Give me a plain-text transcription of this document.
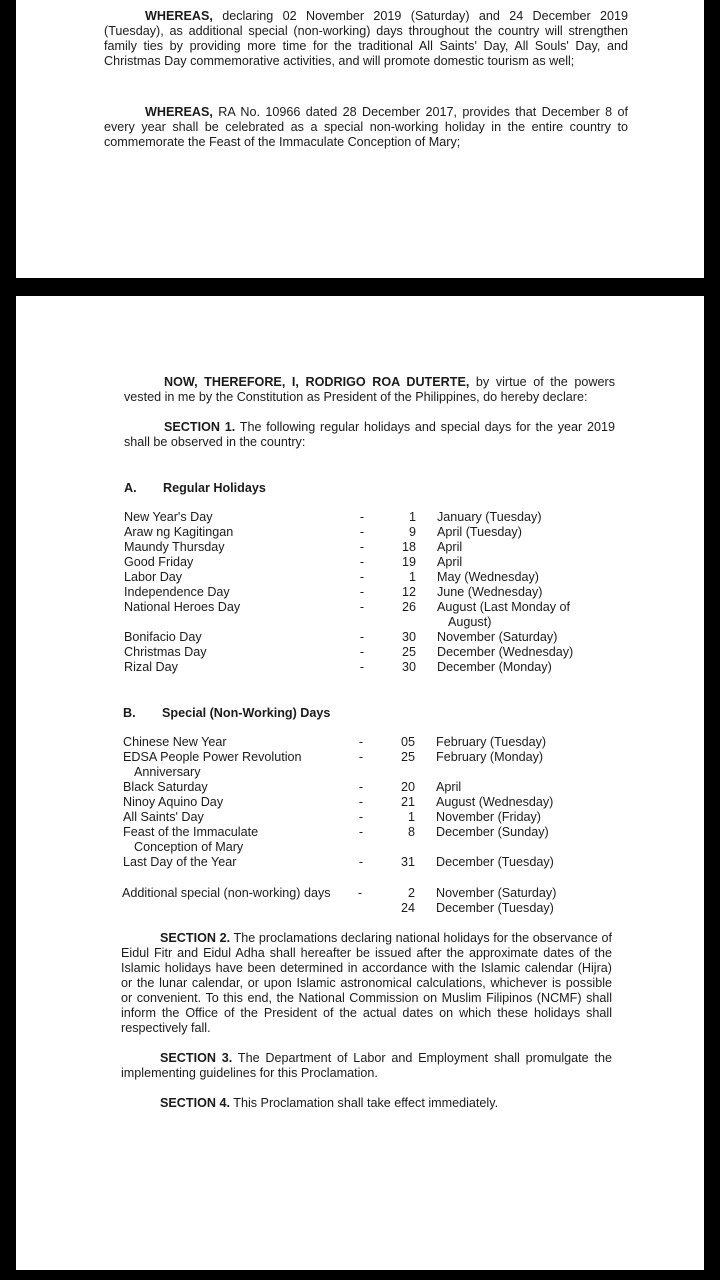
WHEREAS, declaring 02 November 2019 (Saturday) and 24 December 2019 (Tuesday), as additional special (non-working) days throughout the country will strengthen family ties by providing more time for the traditional All Saints' Day, All Souls' Day, and Christmas Day commemorative activities, and will promote domestic tourism as well;

WHEREAS, RA No. 10966 dated 28 December 2017, provides that December 8 of every year shall be celebrated as a special non-working holiday in the entire country to commemorate the Feast of the Immaculate Conception of Mary;

NOW, THEREFORE, I, RODRIGO ROA DUTERTE, by virtue of the powers vested in me by the Constitution as President of the Philippines, do hereby declare:

SECTION 1. The following regular holidays and special days for the year 2019 shall be observed in the country:

A. Regular Holidays
New Year's Day	-	1 January (Tuesday)
Araw ng Kagitingan	-	9 April (Tuesday)
Maundy Thursday	-	18 April
Good Friday	-	19 April
Labor Day	-	1 May (Wednesday)
Independence Day	-	12 June (Wednesday)
National Heroes Day	-	26 August (Last Monday of
August)
Bonifacio Day	-	30 November (Saturday)
Christmas Day	-	25 December (Wednesday)
Rizal Day	-	30 December (Monday)
B. Special (Non-Working) Days
Chinese New Year	-	05 February (Tuesday)
EDSA People Power Revolution	-	25 February (Monday)
Anniversary
Black Saturday	-	20 April
Ninoy Aquino Day	-	21 August (Wednesday)
All Saints' Day	-	1 November (Friday)
Feast of the Immaculate	-	8 December (Sunday)
Conception of Mary
Last Day of the Year	-	31 December (Tuesday)
Additional special (non-working) days -	2 November (Saturday)
24 December (Tuesday)

SECTION 2. The proclamations declaring national holidays for the observance of Eidul Fitr and Eidul Adha shall hereafter be issued after the approximate dates of the Islamic holidays have been determined in accordance with the Islamic calendar (Hijra) or the lunar calendar, or upon Islamic astronomical calculations, whichever is possible or convenient. To this end, the National Commission on Muslim Filipinos (NCMF) shall inform the Office of the President of the actual dates on which these holidays shall respectively fall.

SECTION 3. The Department of Labor and Employment shall promulgate the implementing guidelines for this Proclamation.

SECTION 4. This Proclamation shall take effect immediately.
